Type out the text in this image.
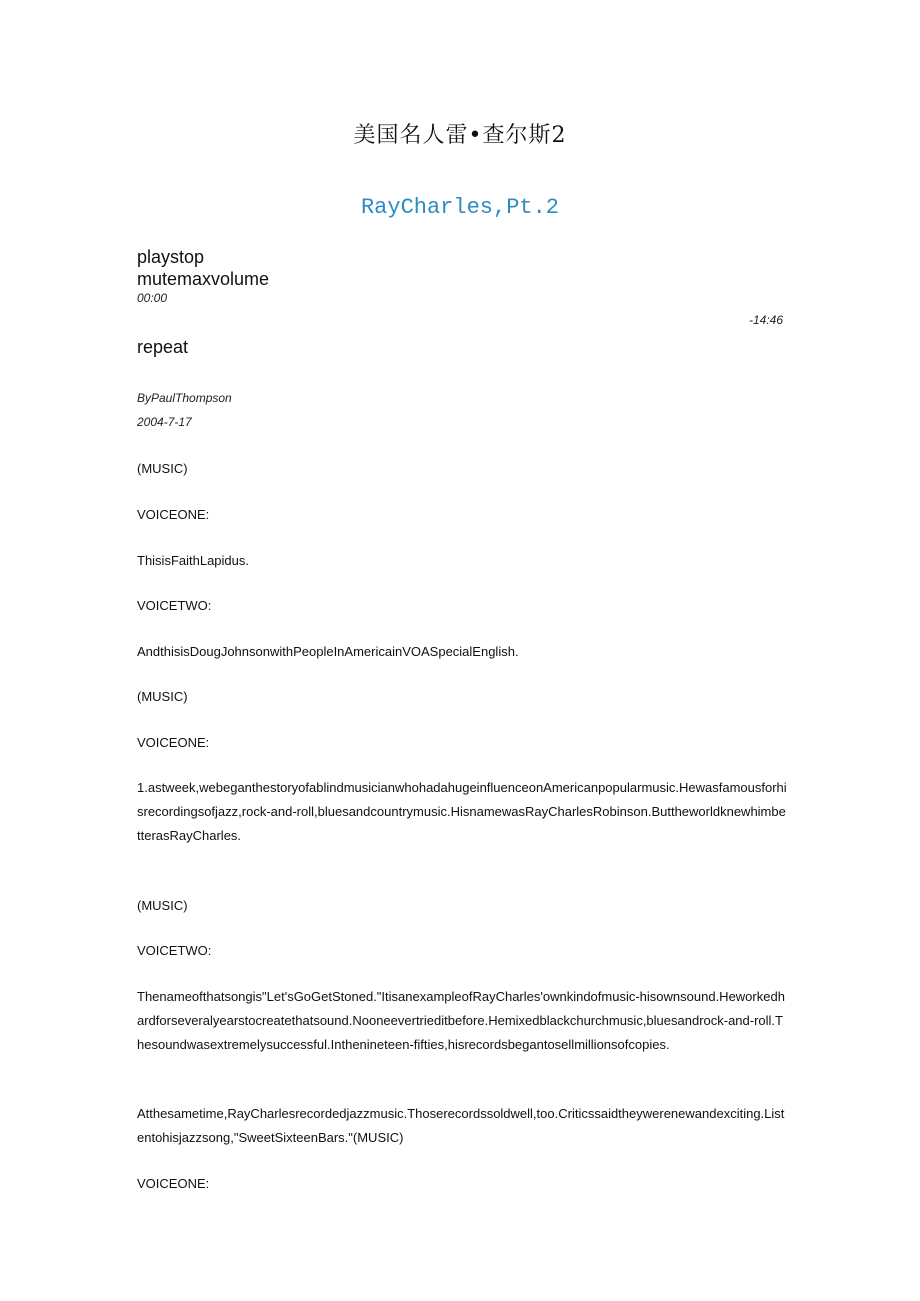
美国名人雷•查尔斯2
RayCharles,Pt.2
playstop
mutemaxvolume
00:00
-14:46
repeat
ByPaulThompson
2004-7-17
(MUSIC)
VOICEONE:
ThisisFaithLapidus.
VOICETWO:
AndthisisDougJohnsonwithPeopleInAmericainVOASpecialEnglish.
(MUSIC)
VOICEONE:
1.astweek,webeganthestoryofablindmusicianwhohadahugeinfluenceonAmericanpopularmusic.Hewasfamousforhisrecordingsofjazz,rock-and-roll,bluesandcountrymusic.HisnamewasRayCharlesRobinson.ButtheworldknewhimbetterasRayCharles.
(MUSIC)
VOICETWO:
Thenameofthatsongis"Let'sGoGetStoned."ItisanexampleofRayCharles'ownkindofmusic-hisownsound.Heworkedhardforseveralyearstocreatethatsound.Nooneevertrieditbefore.Hemixedblackchurchmusic,bluesandrock-and-roll.Thesoundwasextremelysuccessful.Inthenineteen-fifties,hisrecordsbegantosellmillionsofcopies.
Atthesametime,RayCharlesrecordedjazzmusic.Thoserecordssoldwell,too.Criticssaidtheywerenewandexciting.Listentohisjazzsong,"SweetSixteenBars."(MUSIC)
VOICEONE:
